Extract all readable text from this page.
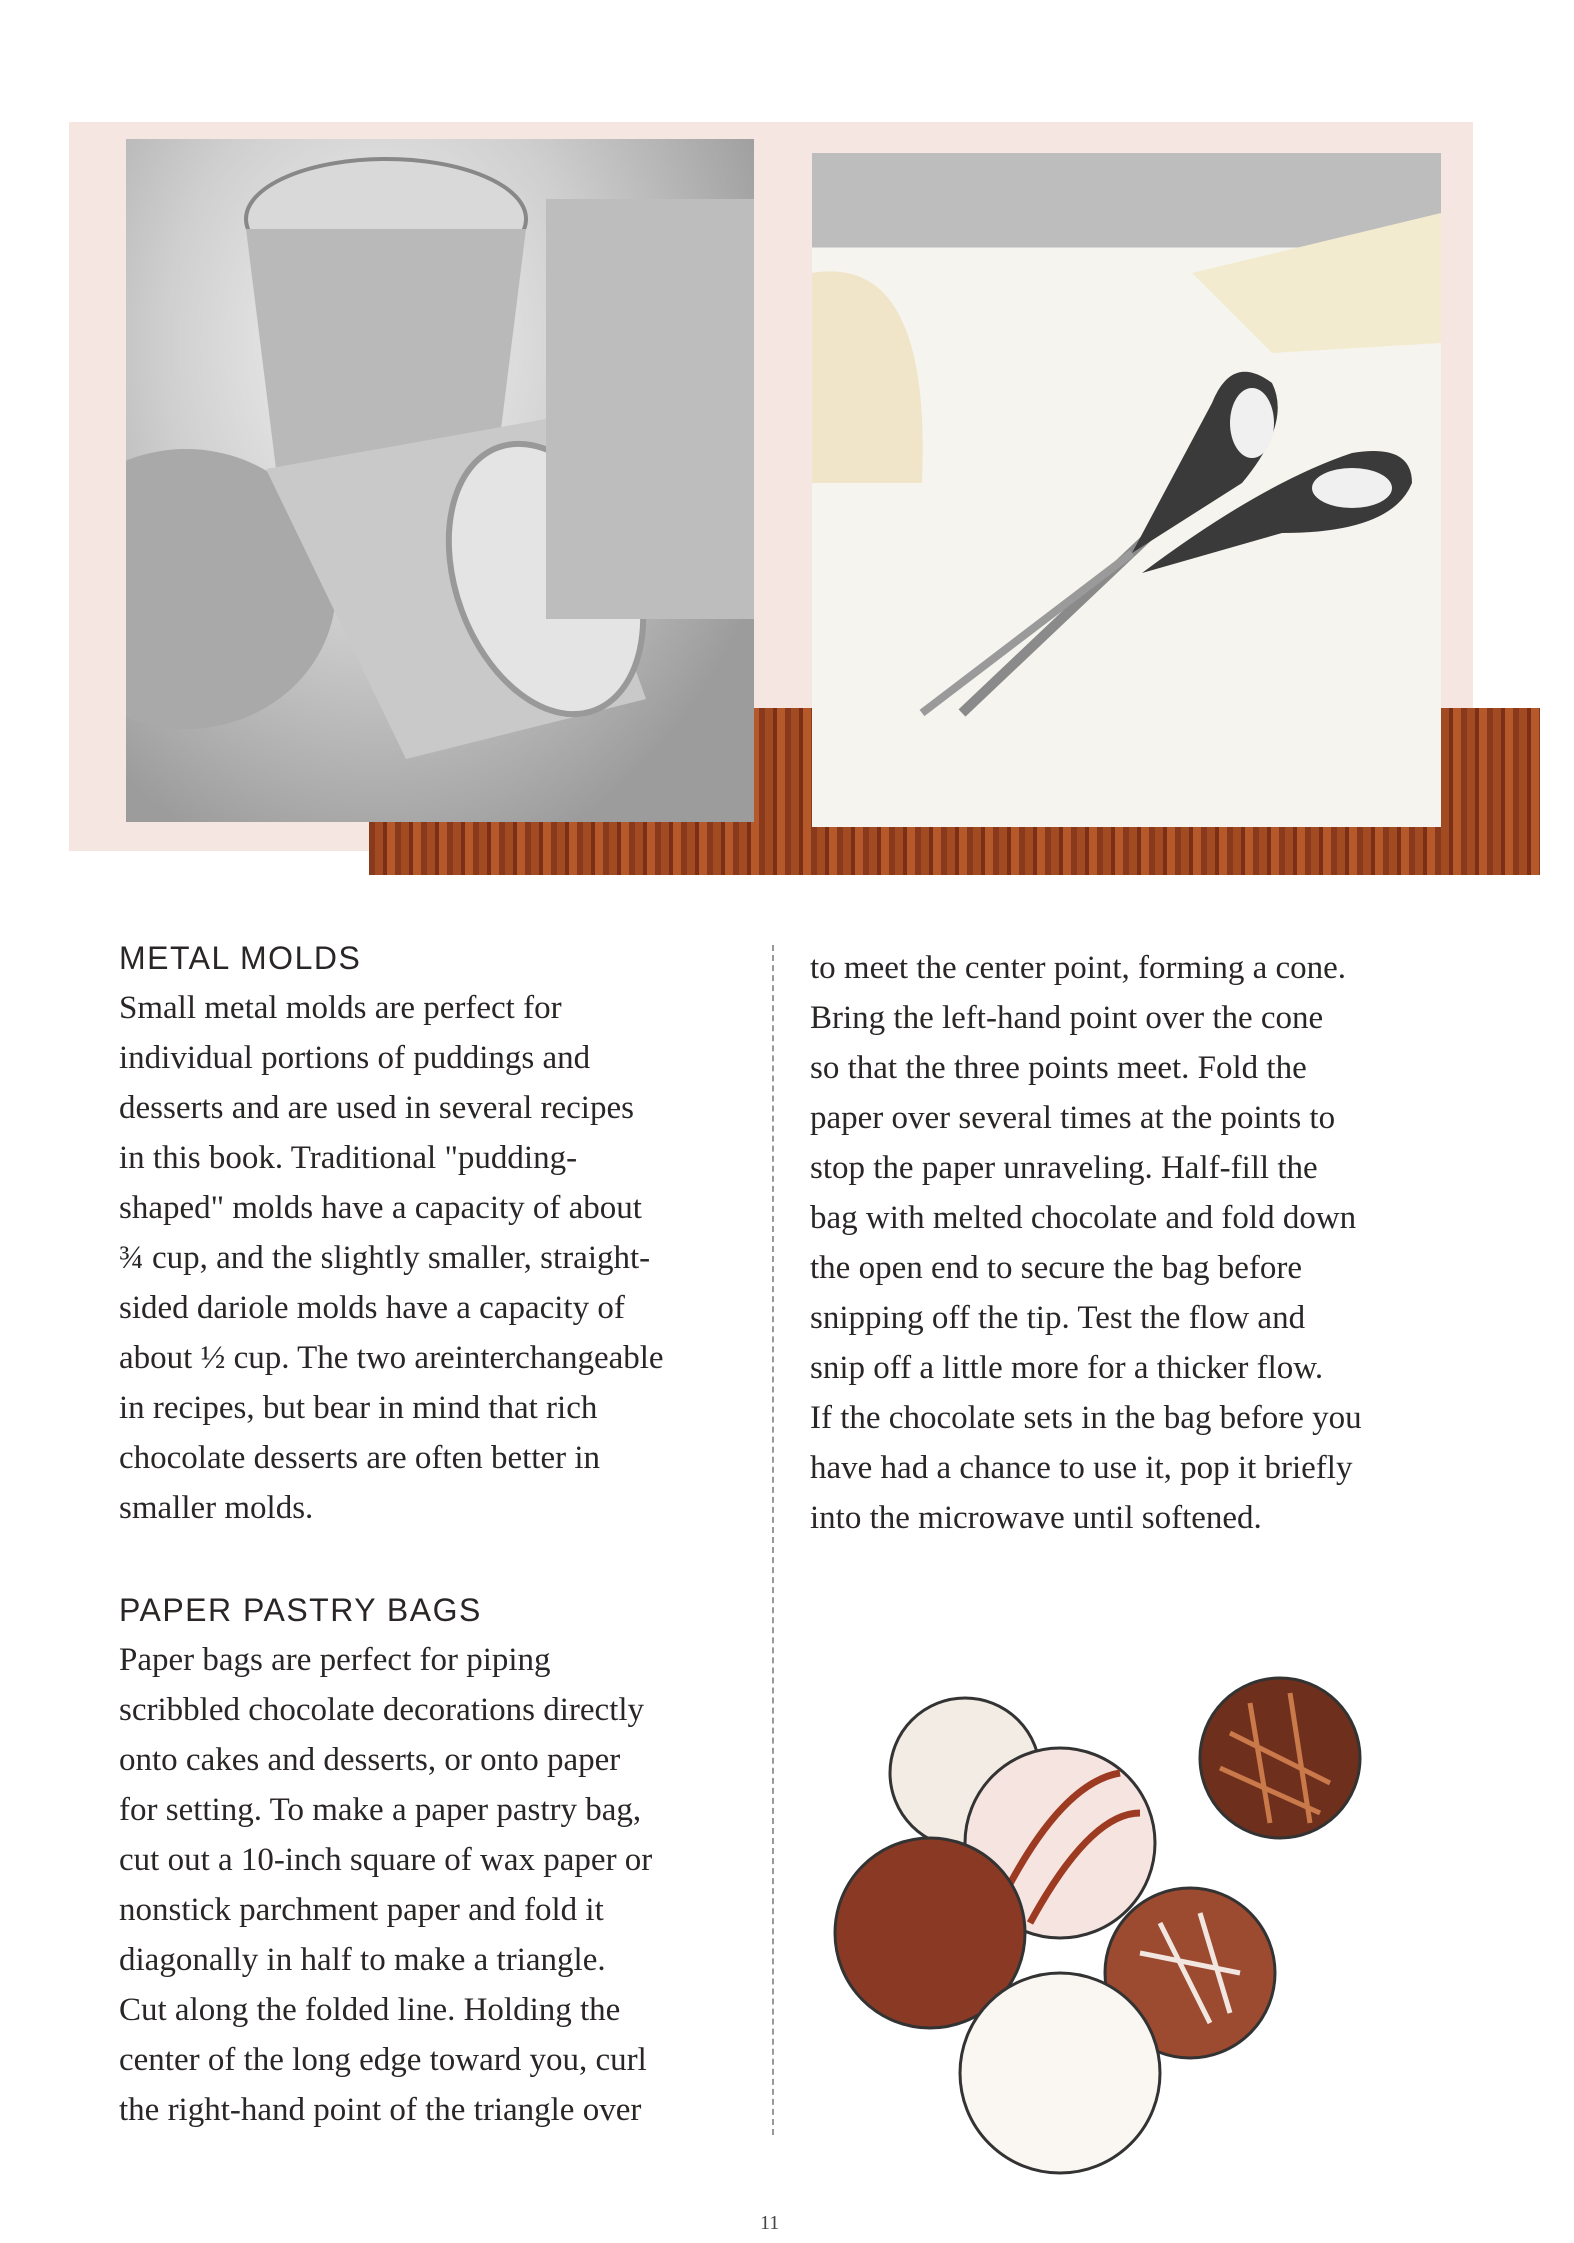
METAL MOLDS
Small metal molds are perfect for
individual portions of puddings and
desserts and are used in several recipes
in this book. Traditional "pudding-
shaped" molds have a capacity of about
¾ cup, and the slightly smaller, straight-
sided dariole molds have a capacity of
about ½ cup. The two areinterchangeable
in recipes, but bear in mind that rich
chocolate desserts are often better in
smaller molds.
PAPER PASTRY BAGS
Paper bags are perfect for piping
scribbled chocolate decorations directly
onto cakes and desserts, or onto paper
for setting. To make a paper pastry bag,
cut out a 10-inch square of wax paper or
nonstick parchment paper and fold it
diagonally in half to make a triangle.
Cut along the folded line. Holding the
center of the long edge toward you, curl
the right-hand point of the triangle over
to meet the center point, forming a cone.
Bring the left-hand point over the cone
so that the three points meet. Fold the
paper over several times at the points to
stop the paper unraveling. Half-fill the
bag with melted chocolate and fold down
the open end to secure the bag before
snipping off the tip. Test the flow and
snip off a little more for a thicker flow.
If the chocolate sets in the bag before you
have had a chance to use it, pop it briefly
into the microwave until softened.
11
